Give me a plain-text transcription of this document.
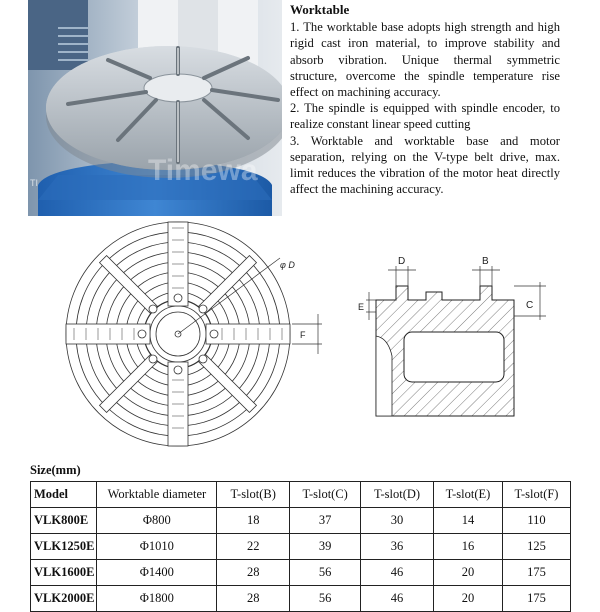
Timewa
TI
Worktable

1. The worktable base adopts high strength and high rigid cast iron material, to improve stability and absorb vibration. Unique thermal symmetric structure, overcome the spindle temperature rise effect on machining accuracy.

2. The spindle is equipped with spindle encoder, to realize constant linear speed cutting

3. Worktable and worktable base and motor separation, relying on the V-type belt drive, max. limit reduces the vibration of the motor heat directly affect the machining accuracy.

φ D
F
D	B
E	C
Size(mm)
Model	Worktable diameter	T-slot(B)	T-slot(C)	T-slot(D)	T-slot(E)	T-slot(F)
VLK800E	Φ800	18	37	30	14	110
VLK1250E	Φ1010	22	39	36	16	125
VLK1600E	Φ1400	28	56	46	20	175
VLK2000E	Φ1800	28	56	46	20	175
